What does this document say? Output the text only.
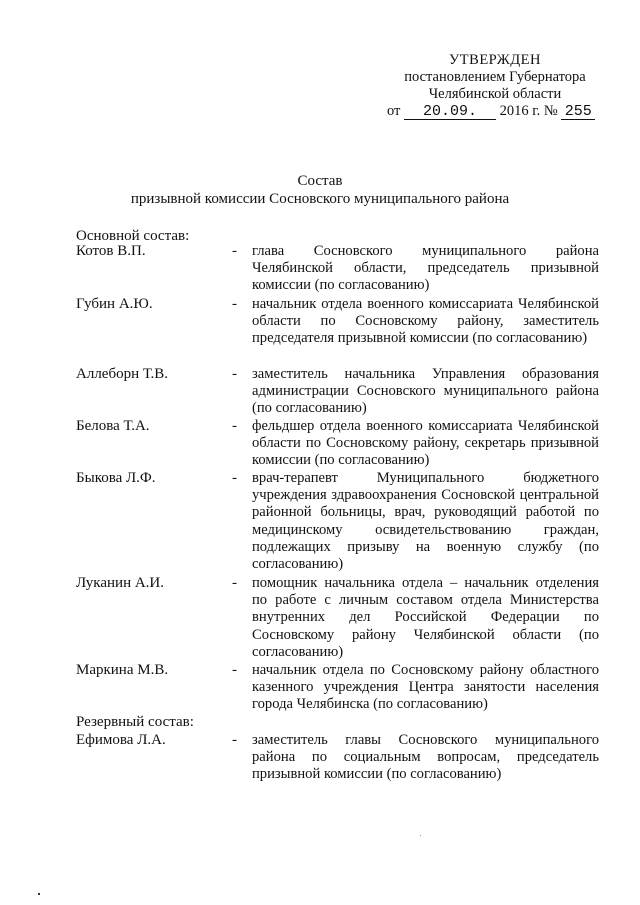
УТВЕРЖДЕН
постановлением Губернатора
Челябинской области
от 20.09. 2016 г. № 255
Состав
призывной комиссии Сосновского муниципального района
Основной состав:
Резервный состав:
Котов В.П.	- глава Сосновского муниципального района Челябинской области, председатель призывной комиссии (по согласованию)
Губин А.Ю.	- начальник отдела военного комиссариата Челябинской области по Сосновскому району, заместитель председателя призывной комиссии (по согласованию)
Аллеборн Т.В.	- заместитель начальника Управления образования администрации Сосновского муниципального района (по согласованию)
Белова Т.А.	- фельдшер отдела военного комиссариата Челябинской области по Сосновскому району, секретарь призывной комиссии (по согласованию)
Быкова Л.Ф.	- врач-терапевт Муниципального бюджетного учреждения здравоохранения Сосновской центральной районной больницы, врач, руководящий работой по медицинскому освидетельствованию граждан, подлежащих призыву на военную службу (по согласованию)
Луканин А.И.	- помощник начальника отдела – начальник отделения по работе с личным составом отдела Министерства внутренних дел Российской Федерации по Сосновскому району Челябинской области (по согласованию)
Маркина М.В.	- начальник отдела по Сосновскому району областного казенного учреждения Центра занятости населения города Челябинска (по согласованию)
Ефимова Л.А.	- заместитель главы Сосновского муниципального района по социальным вопросам, председатель призывной комиссии (по согласованию)
